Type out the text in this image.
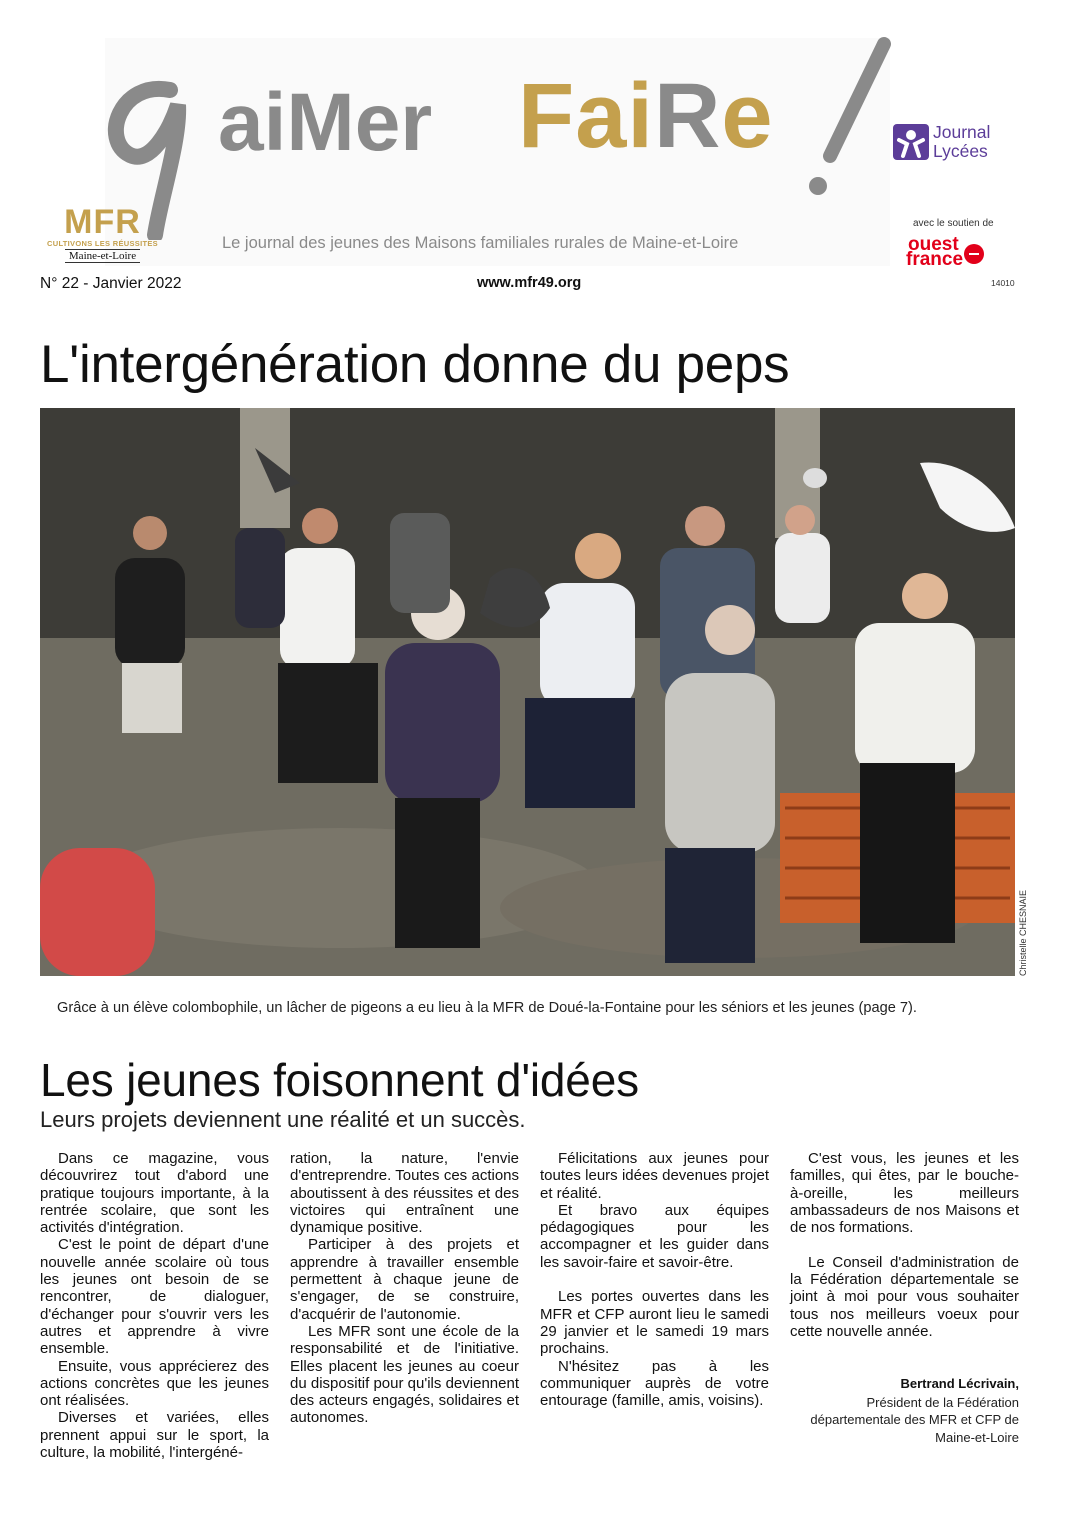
aiMer FaiRe
Le journal des jeunes des Maisons familiales rurales de Maine-et-Loire
MFR
CULTIVONS LES RÉUSSITES
Maine-et-Loire
Journal
Lycées
avec le soutien de
ouest
france
N° 22 - Janvier 2022	www.mfr49.org	14010
L'intergénération donne du peps
Christelle CHESNAIE
Grâce à un élève colombophile, un lâcher de pigeons a eu lieu à la MFR de Doué-la-Fontaine pour les séniors et les jeunes (page 7).
Les jeunes foisonnent d'idées
Leurs projets deviennent une réalité et un succès.

Dans ce magazine, vous découvrirez tout d'abord une pratique toujours importante, à la rentrée scolaire, que sont les activités d'intégration.

C'est le point de départ d'une nouvelle année scolaire où tous les jeunes ont besoin de se rencontrer, de dialoguer, d'échanger pour s'ouvrir vers les autres et apprendre à vivre ensemble.

Ensuite, vous apprécierez des actions concrètes que les jeunes ont réalisées.

Diverses et variées, elles prennent appui sur le sport, la culture, la mobilité, l'intergéné-

ration, la nature, l'envie d'entreprendre. Toutes ces actions aboutissent à des réussites et des victoires qui entraînent une dynamique positive.

Participer à des projets et apprendre à travailler ensemble permettent à chaque jeune de s'engager, de se construire, d'acquérir de l'autonomie.

Les MFR sont une école de la responsabilité et de l'initiative. Elles placent les jeunes au coeur du dispositif pour qu'ils deviennent des acteurs engagés, solidaires et autonomes.

Félicitations aux jeunes pour toutes leurs idées devenues projet et réalité.

Et bravo aux équipes pédagogiques pour les accompagner et les guider dans les savoir-faire et savoir-être.

Les portes ouvertes dans les MFR et CFP auront lieu le samedi 29 janvier et le samedi 19 mars prochains.

N'hésitez pas à les communiquer auprès de votre entourage (famille, amis, voisins).

C'est vous, les jeunes et les familles, qui êtes, par le bouche-à-oreille, les meilleurs ambassadeurs de nos Maisons et de nos formations.

Le Conseil d'administration de la Fédération départementale se joint à moi pour vous souhaiter tous nos meilleurs voeux pour cette nouvelle année.

Bertrand Lécrivain,
Président de la Fédération départementale des MFR et CFP de Maine-et-Loire
